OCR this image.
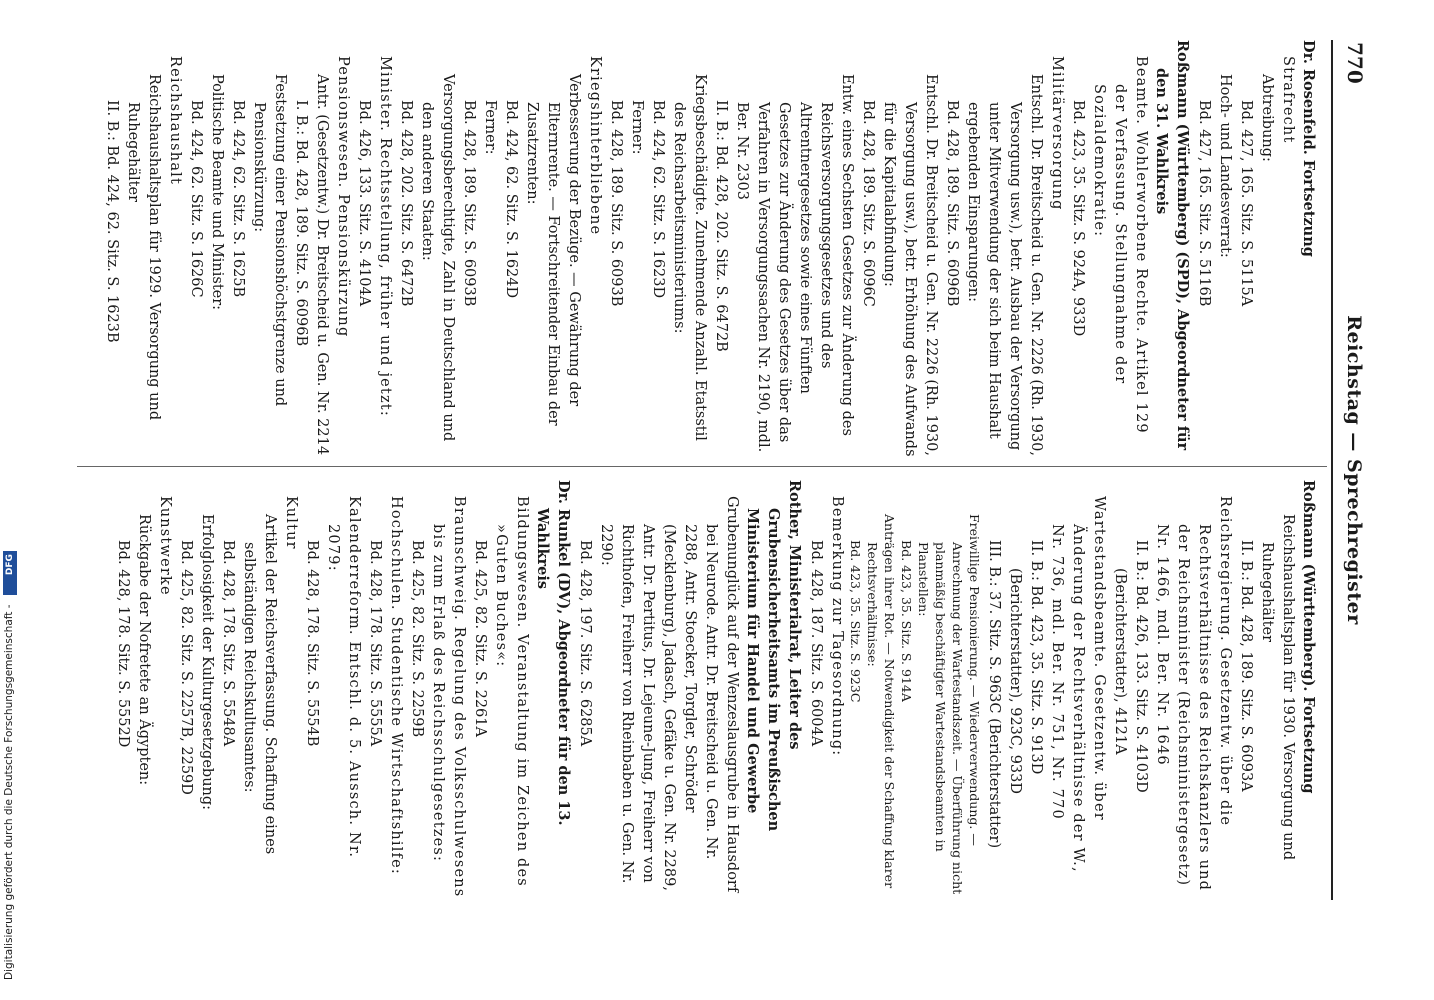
770
Reichstag — Sprechregister

Dr. Rosenfeld. Fortsetzung

Strafrecht

Abtreibung:

Bd. 427, 165. Sitz. S. 5115A

Hoch- und Landesverrat:

Bd. 427, 165. Sitz. S. 5116B

Roßmann (Württemberg) (SPD), Abgeordneter für den 31. Wahlkreis

Beamte. Wohlerworbene Rechte. Artikel 129 der Verfassung. Stellungnahme der Sozialdemokratie:

Bd. 423, 35. Sitz. S. 924A, 933D

Militärversorgung

Entschl. Dr. Breitscheid u. Gen. Nr. 2226 (Rh. 1930, Versorgung usw.), betr. Ausbau der Versorgung unter Mitverwendung der sich beim Haushalt ergebenden Einsparungen:

Bd. 428, 189. Sitz. S. 6096B

Entschl. Dr. Breitscheid u. Gen. Nr. 2226 (Rh. 1930, Versorgung usw.), betr. Erhöhung des Aufwands für die Kapitalabfindung:

Bd. 428, 189. Sitz. S. 6096C

Entw. eines Sechsten Gesetzes zur Änderung des Reichsversorgungsgesetzes und des Altrentnergesetzes sowie eines Fünften Gesetzes zur Änderung des Gesetzes über das Verfahren in Versorgungssachen Nr. 2190, mdl. Ber. Nr. 2303

II. B.: Bd. 428, 202. Sitz. S. 6472B

Kriegsbeschädigte. Zunehmende Anzahl. Etatsstil des Reichsarbeitsministeriums:

Bd. 424, 62. Sitz. S. 1623D

Ferner:

Bd. 428, 189. Sitz. S. 6093B

Kriegshinterbliebene

Verbesserung der Bezüge. — Gewährung der Elternrente. — Fortschreitender Einbau der Zusatzrenten:

Bd. 424, 62. Sitz. S. 1624D

Ferner:

Bd. 428, 189. Sitz. S. 6093B

Versorgungsberechtigte, Zahl in Deutschland und den anderen Staaten:

Bd. 428, 202. Sitz. S. 6472B

Minister. Rechtsstellung, früher und jetzt:

Bd. 426, 133. Sitz. S. 4104A

Pensionswesen. Pensionskürzung

Antr. (Gesetzentw.) Dr. Breitscheid u. Gen. Nr. 2214

I. B.: Bd. 428, 189. Sitz. S. 6096B

Festsetzung einer Pensionshöchstgrenze und Pensionskürzung:

Bd. 424, 62. Sitz. S. 1625B

Politische Beamte und Minister:

Bd. 424, 62. Sitz. S. 1626C

Reichshaushalt

Reichshaushaltsplan für 1929. Versorgung und Ruhegehälter

II. B.: Bd. 424, 62. Sitz. S. 1623B

Roßmann (Württemberg). Fortsetzung

Reichshaushaltsplan für 1930. Versorgung und Ruhegehälter

II. B.: Bd. 428, 189. Sitz. S. 6093A

Reichsregierung. Gesetzentw. über die Rechtsverhältnisse des Reichskanzlers und der Reichsminister (Reichsministergesetz) Nr. 1466, mdl. Ber. Nr. 1646

II. B.: Bd. 426, 133. Sitz. S. 4103D (Berichterstatter), 4121A

Wartestandsbeamte. Gesetzentw. über Änderung der Rechtsverhältnisse der W., Nr. 736, mdl. Ber. Nr. 751, Nr. 770

II. B.: Bd. 423, 35. Sitz. S. 913D (Berichterstatter), 923C, 933D

III. B.: 37. Sitz. S. 963C (Berichterstatter)

Freiwillige Pensionierung. — Wiederverwendung. — Anrechnung der Wartestandszeit. — Überführung nicht planmäßig beschäftigter Wartestandsbeamten in Planstellen:

Bd. 423, 35. Sitz. S. 914A

Anträgen ihrer Rot. — Notwendigkeit der Schaffung klarer Rechtsverhältnisse:

Bd. 423, 35. Sitz. S. 923C

Bemerkung zur Tagesordnung:

Bd. 428, 187. Sitz. S. 6004A

Rother, Ministerialrat, Leiter des Grubensicherheitsamts im Preußischen Ministerium für Handel und Gewerbe

Grubenunglück auf der Wenzeslausgrube in Hausdorf bei Neurode. Antr. Dr. Breitscheid u. Gen. Nr. 2288, Antr. Stoecker, Torgler, Schröder (Mecklenburg), Jadasch, Gefäke u. Gen. Nr. 2289, Antr. Dr. Pertitus, Dr. Lejeune-Jung, Freiherr von Richthofen, Freiherr von Rheinbaben u. Gen. Nr. 2290:

Bd. 428, 197. Sitz. S. 6285A

Dr. Runkel (DV), Abgeordneter für den 13. Wahlkreis

Bildungswesen. Veranstaltung im Zeichen des »Guten Buches«:

Bd. 425, 82. Sitz. S. 2261A

Braunschweig. Regelung des Volksschulwesens bis zum Erlaß des Reichsschulgesetzes:

Bd. 425, 82. Sitz. S. 2259B

Hochschulen. Studentische Wirtschaftshilfe:

Bd. 428, 178. Sitz. S. 5555A

Kalenderreform. Entschl. d. 5. Aussch. Nr. 2079:

Bd. 428, 178. Sitz. S. 5554B

Kultur

Artikel der Reichsverfassung. Schaffung eines selbständigen Reichskultusamtes:

Bd. 428, 178. Sitz. S. 5548A

Erfolglosigkeit der Kulturgesetzgebung:

Bd. 425, 82. Sitz. S. 2257B, 2259D

Kunstwerke

Rückgabe der Nofretete an Ägypten:

Bd. 428, 178. Sitz. S. 5552D

Digitalisierung gefördert durch die Deutsche Forschungsgemeinschaft - DFG
